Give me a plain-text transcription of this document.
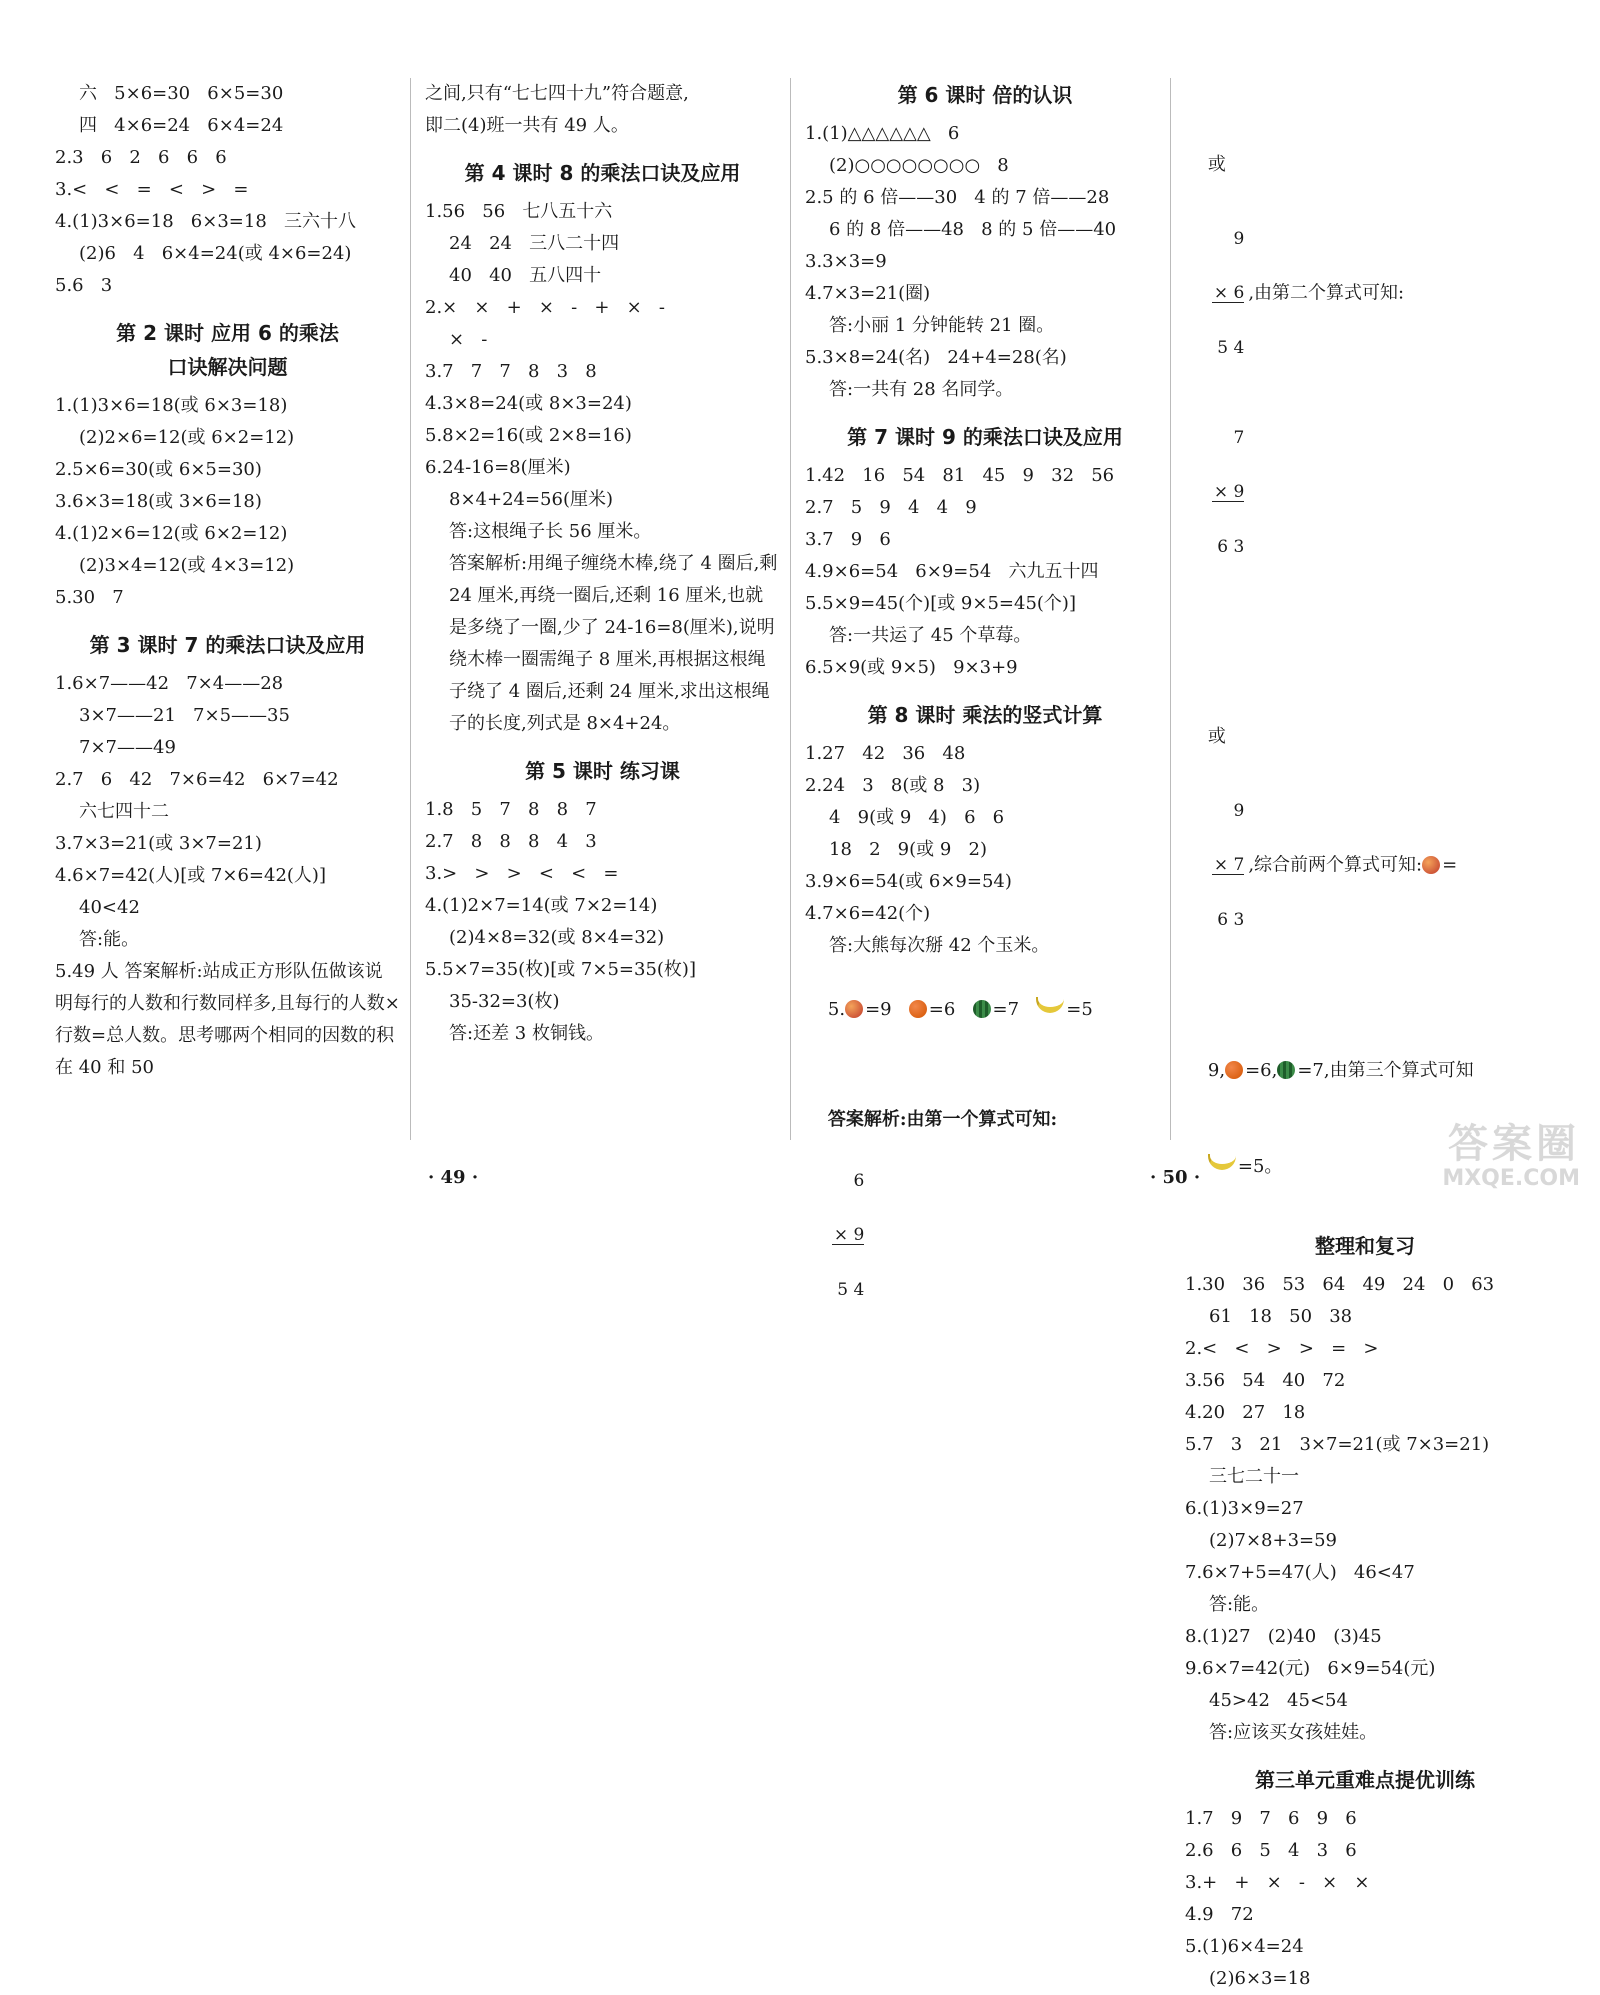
六   5×6=30   6×5=30
四   4×6=24   6×4=24
2.3   6   2   6   6   6
3.<   <   =   <   >   =
4.(1)3×6=18   6×3=18   三六十八
(2)6   4   6×4=24(或 4×6=24)
5.6   3
第 2 课时 应用 6 的乘法
口诀解决问题
1.(1)3×6=18(或 6×3=18)
(2)2×6=12(或 6×2=12)
2.5×6=30(或 6×5=30)
3.6×3=18(或 3×6=18)
4.(1)2×6=12(或 6×2=12)
(2)3×4=12(或 4×3=12)
5.30   7
第 3 课时 7 的乘法口诀及应用
1.6×7——42   7×4——28
3×7——21   7×5——35
7×7——49
2.7   6   42   7×6=42   6×7=42
六七四十二
3.7×3=21(或 3×7=21)
4.6×7=42(人)[或 7×6=42(人)]
40<42
答:能。
5.49 人 答案解析:站成正方形队伍做该说明每行的人数和行数同样多,且每行的人数×行数=总人数。思考哪两个相同的因数的积在 40 和 50
之间,只有“七七四十九”符合题意,
即二(4)班一共有 49 人。
第 4 课时 8 的乘法口诀及应用
1.56   56   七八五十六
24   24   三八二十四
40   40   五八四十
2.×   ×   +   ×   -   +   ×   -
×   -
3.7   7   7   8   3   8
4.3×8=24(或 8×3=24)
5.8×2=16(或 2×8=16)
6.24-16=8(厘米)
8×4+24=56(厘米)
答:这根绳子长 56 厘米。
答案解析:用绳子缠绕木棒,绕了 4 圈后,剩 24 厘米,再绕一圈后,还剩 16 厘米,也就是多绕了一圈,少了 24-16=8(厘米),说明绕木棒一圈需绳子 8 厘米,再根据这根绳子绕了 4 圈后,还剩 24 厘米,求出这根绳子的长度,列式是 8×4+24。
第 5 课时 练习课
1.8   5   7   8   8   7
2.7   8   8   8   4   3
3.>   >   >   <   <   =
4.(1)2×7=14(或 7×2=14)
(2)4×8=32(或 8×4=32)
5.5×7=35(枚)[或 7×5=35(枚)]
35-32=3(枚)
答:还差 3 枚铜钱。
第 6 课时 倍的认识
1.(1)△△△△△△   6
(2)○○○○○○○○   8
2.5 的 6 倍——30   4 的 7 倍——28
6 的 8 倍——48   8 的 5 倍——40
3.3×3=9
4.7×3=21(圈)
答:小丽 1 分钟能转 21 圈。
5.3×8=24(名)   24+4=28(名)
答:一共有 28 名同学。
第 7 课时 9 的乘法口诀及应用
1.42   16   54   81   45   9   32   56
2.7   5   9   4   4   9
3.7   9   6
4.9×6=54   6×9=54   六九五十四
5.5×9=45(个)[或 9×5=45(个)]
答:一共运了 45 个草莓。
6.5×9(或 9×5)   9×3+9
第 8 课时 乘法的竖式计算
1.27   42   36   48
2.24   3   8(或 8   3)
4   9(或 9   4)   6   6
18   2   9(或 9   2)
3.9×6=54(或 6×9=54)
4.7×6=42(个)
答:大熊每次掰 42 个玉米。

5. =9 =6 =7	=5

答案解析:由第一个算式可知:

6

× 9

5 4

或

9

× 6

5 4

,由第二个算式可知:

7

× 9

6 3

或

9

× 7

6 3

,综合前两个算式可知: =

9, =6, =7,由第三个算式可知

=5。

整理和复习
1.30   36   53   64   49   24   0   63
61   18   50   38
2.<   <   >   >   =   >
3.56   54   40   72
4.20   27   18
5.7   3   21   3×7=21(或 7×3=21)
三七二十一
6.(1)3×9=27
(2)7×8+3=59
7.6×7+5=47(人)   46<47
答:能。
8.(1)27   (2)40   (3)45
9.6×7=42(元)   6×9=54(元)
45>42   45<54
答:应该买女孩娃娃。
第三单元重难点提优训练
1.7   9   7   6   9   6
2.6   6   5   4   3   6
3.+   +   ×   -   ×   ×
4.9   72
5.(1)6×4=24
(2)6×3=18
· 49 ·	· 50 ·
答案圈
MXQE.COM
